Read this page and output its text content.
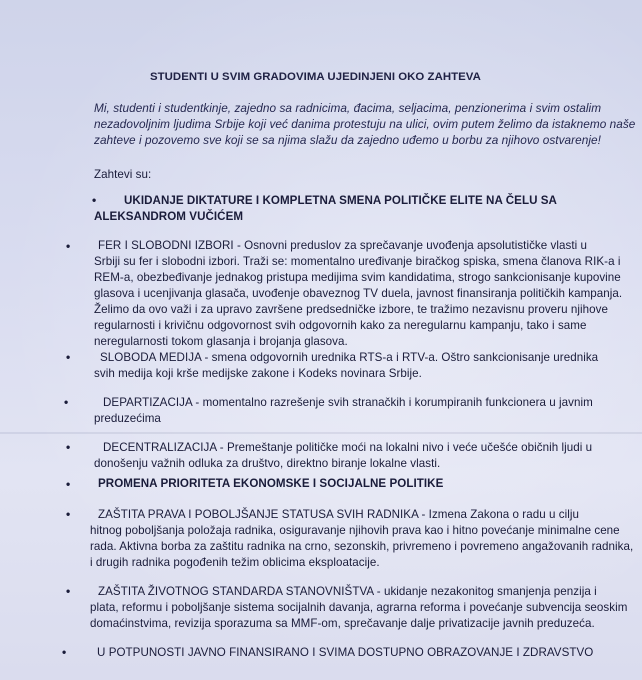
STUDENTI U SVIM GRADOVIMA UJEDINJENI OKO ZAHTEVA
Mi, studenti i studentkinje, zajedno sa radnicima, đacima, seljacima, penzionerima i svim ostalim
nezadovoljnim ljudima Srbije koji već danima protestuju na ulici, ovim putem želimo da istaknemo naše
zahteve i pozovemo sve koji se sa njima slažu da zajedno uđemo u borbu za njihovo ostvarenje!
Zahtevi su:
• UKIDANJE DIKTATURE I KOMPLETNA SMENA POLITIČKE ELITE NA ČELU SA
ALEKSANDROM VUČIĆEM
• FER I SLOBODNI IZBORI - Osnovni preduslov za sprečavanje uvođenja apsolutističke vlasti u
Srbiji su fer i slobodni izbori. Traži se: momentalno uređivanje biračkog spiska, smena članova RIK-a i
REM-a, obezbeđivanje jednakog pristupa medijima svim kandidatima, strogo sankcionisanje kupovine
glasova i ucenjivanja glasača, uvođenje obaveznog TV duela, javnost finansiranja političkih kampanja.
Želimo da ovo važi i za upravo završene predsedničke izbore, te tražimo nezavisnu proveru njihove
regularnosti i krivičnu odgovornost svih odgovornih kako za neregularnu kampanju, tako i same
neregularnosti tokom glasanja i brojanja glasova.
•	SLOBODA MEDIJA - smena odgovornih urednika RTS-a i RTV-a. Oštro sankcionisanje urednika
svih medija koji krše medijske zakone i Kodeks novinara Srbije.
•	DEPARTIZACIJA - momentalno razrešenje svih stranačkih i korumpiranih funkcionera u javnim
preduzećima
•	DECENTRALIZACIJA - Premeštanje političke moći na lokalni nivo i veće učešće običnih ljudi u
donošenju važnih odluka za društvo, direktno biranje lokalne vlasti.
• PROMENA PRIORITETA EKONOMSKE I SOCIJALNE POLITIKE
• ZAŠTITA PRAVA I POBOLJŠANJE STATUSA SVIH RADNIKA - Izmena Zakona o radu u cilju
hitnog poboljšanja položaja radnika, osiguravanje njihovih prava kao i hitno povećanje minimalne cene
rada. Aktivna borba za zaštitu radnika na crno, sezonskih, privremeno i povremeno angažovanih radnika,
i drugih radnika pogođenih težim oblicima eksploatacije.
• ZAŠTITA ŽIVOTNOG STANDARDA STANOVNIŠTVA - ukidanje nezakonitog smanjenja penzija i
plata, reformu i poboljšanje sistema socijalnih davanja, agrarna reforma i povećanje subvencija seoskim
domaćinstvima, revizija sporazuma sa MMF-om, sprečavanje dalje privatizacije javnih preduzeća.
•	U POTPUNOSTI JAVNO FINANSIRANO I SVIMA DOSTUPNO OBRAZOVANJE I ZDRAVSTVO
